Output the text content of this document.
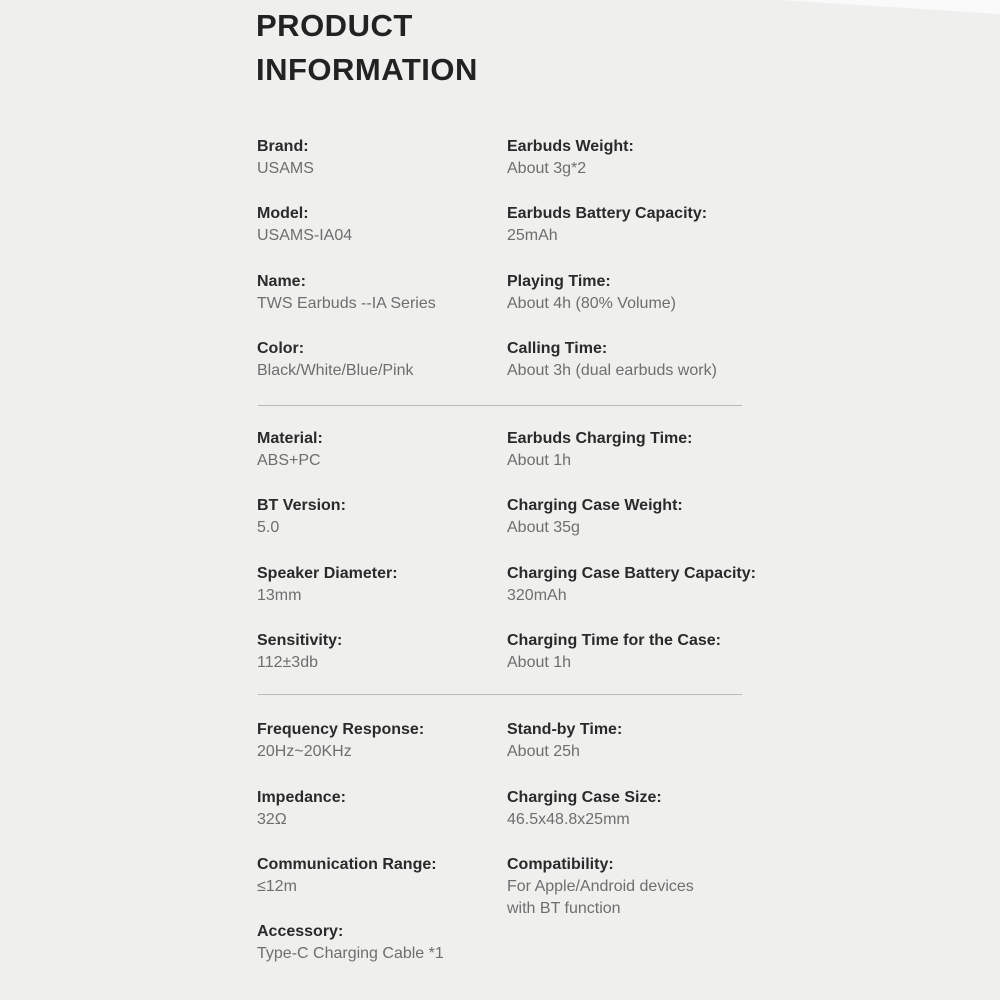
PRODUCT
INFORMATION
Brand:
USAMS
Model:
USAMS-IA04
Name:
TWS Earbuds --IA Series
Color:
Black/White/Blue/Pink
Earbuds Weight:
About 3g*2
Earbuds Battery Capacity:
25mAh
Playing Time:
About 4h (80% Volume)
Calling Time:
About 3h (dual earbuds work)
Material:
ABS+PC
BT Version:
5.0
Speaker Diameter:
13mm
Sensitivity:
112±3db
Earbuds Charging Time:
About 1h
Charging Case Weight:
About 35g
Charging Case Battery Capacity:
320mAh
Charging Time for the Case:
About 1h
Frequency Response:
20Hz~20KHz
Impedance:
32Ω
Communication Range:
≤12m
Accessory:
Type-C Charging Cable *1
Stand-by Time:
About 25h
Charging Case Size:
46.5x48.8x25mm
Compatibility:
For Apple/Android devices
with BT function
